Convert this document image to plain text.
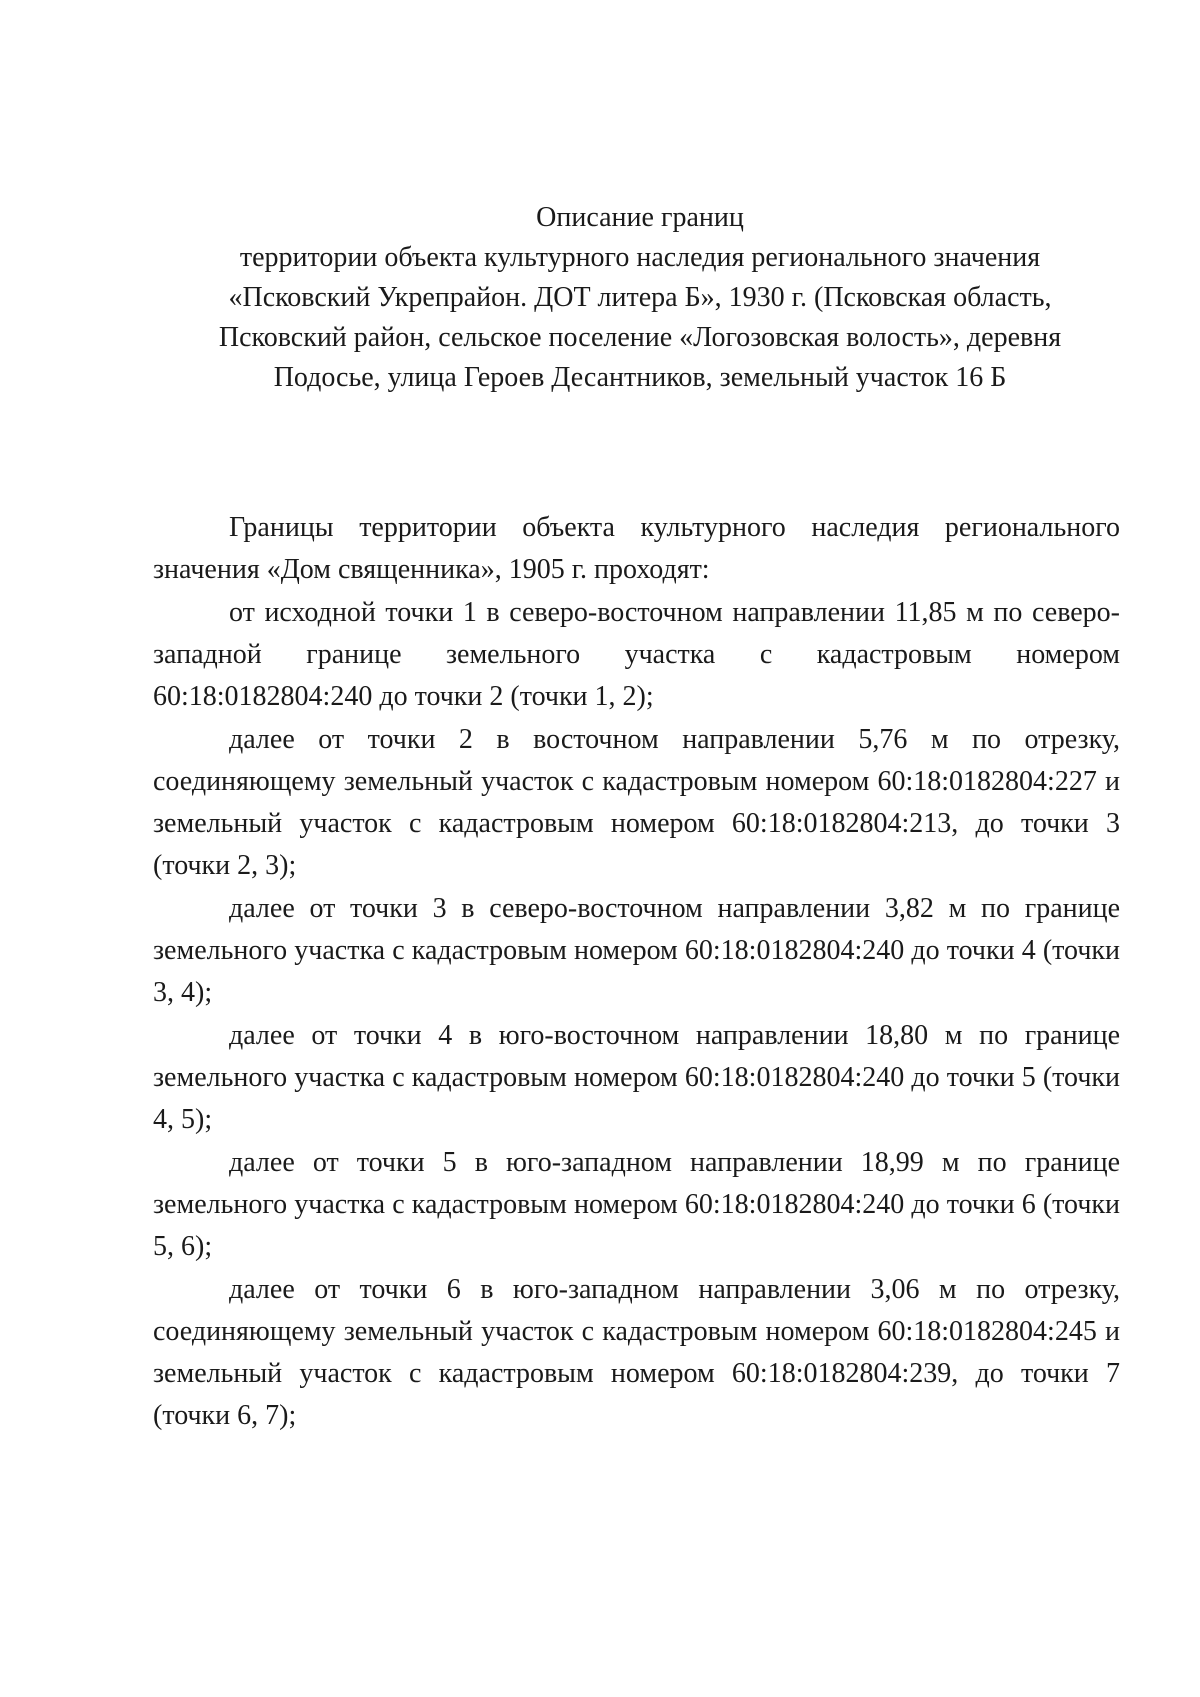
Описание границ
территории объекта культурного наследия регионального значения
«Псковский Укрепрайон. ДОТ литера Б», 1930 г. (Псковская область,
Псковский район, сельское поселение «Логозовская волость», деревня
Подосье, улица Героев Десантников, земельный участок 16 Б

Границы территории объекта культурного наследия регионального значения «Дом священника», 1905 г. проходят:

от исходной точки 1 в северо-восточном направлении 11,85 м по северо-западной границе земельного участка с кадастровым номером 60:18:0182804:240 до точки 2 (точки 1, 2);

далее от точки 2 в восточном направлении 5,76 м по отрезку, соединяющему земельный участок с кадастровым номером 60:18:0182804:227 и земельный участок с кадастровым номером 60:18:0182804:213, до точки 3 (точки 2, 3);

далее от точки 3 в северо-восточном направлении 3,82 м по границе земельного участка с кадастровым номером 60:18:0182804:240 до точки 4 (точки 3, 4);

далее от точки 4 в юго-восточном направлении 18,80 м по границе земельного участка с кадастровым номером 60:18:0182804:240 до точки 5 (точки 4, 5);

далее от точки 5 в юго-западном направлении 18,99 м по границе земельного участка с кадастровым номером 60:18:0182804:240 до точки 6 (точки 5, 6);

далее от точки 6 в юго-западном направлении 3,06 м по отрезку, соединяющему земельный участок с кадастровым номером 60:18:0182804:245 и земельный участок с кадастровым номером 60:18:0182804:239, до точки 7 (точки 6, 7);
